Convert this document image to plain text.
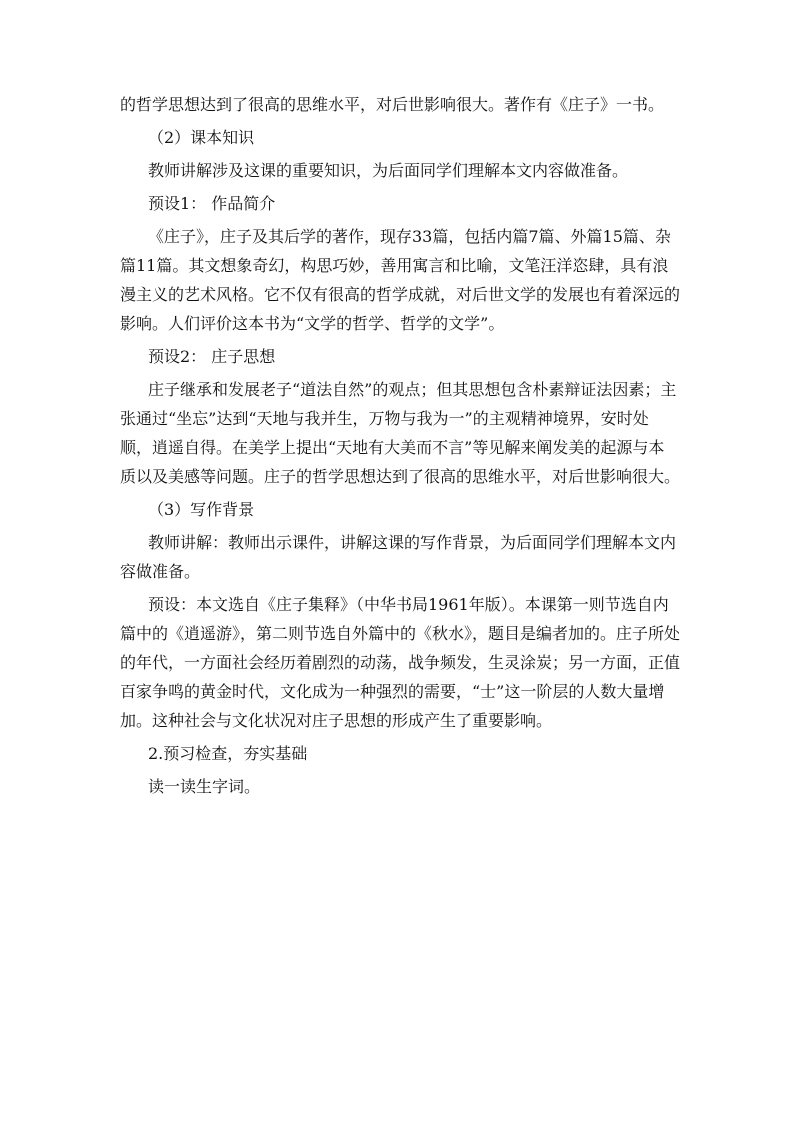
的哲学思想达到了很高的思维水平，对后世影响很大。著作有《庄子》一书。

（2）课本知识

教师讲解涉及这课的重要知识，为后面同学们理解本文内容做准备。

预设1： 作品简介

《庄子》，庄子及其后学的著作，现存33篇，包括内篇7篇、外篇15篇、杂篇11篇。其文想象奇幻，构思巧妙，善用寓言和比喻，文笔汪洋恣肆，具有浪漫主义的艺术风格。它不仅有很高的哲学成就，对后世文学的发展也有着深远的影响。人们评价这本书为“文学的哲学、哲学的文学”。

预设2： 庄子思想

庄子继承和发展老子“道法自然”的观点；但其思想包含朴素辩证法因素；主张通过“坐忘”达到“天地与我并生，万物与我为一”的主观精神境界，安时处顺，逍遥自得。在美学上提出“天地有大美而不言”等见解来阐发美的起源与本质以及美感等问题。庄子的哲学思想达到了很高的思维水平，对后世影响很大。

（3）写作背景

教师讲解：教师出示课件，讲解这课的写作背景，为后面同学们理解本文内容做准备。

预设：本文选自《庄子集释》（中华书局1961年版）。本课第一则节选自内篇中的《逍遥游》，第二则节选自外篇中的《秋水》，题目是编者加的。庄子所处的年代，一方面社会经历着剧烈的动荡，战争频发，生灵涂炭；另一方面，正值百家争鸣的黄金时代，文化成为一种强烈的需要，“士”这一阶层的人数大量增加。这种社会与文化状况对庄子思想的形成产生了重要影响。

2.预习检查，夯实基础

读一读生字词。
